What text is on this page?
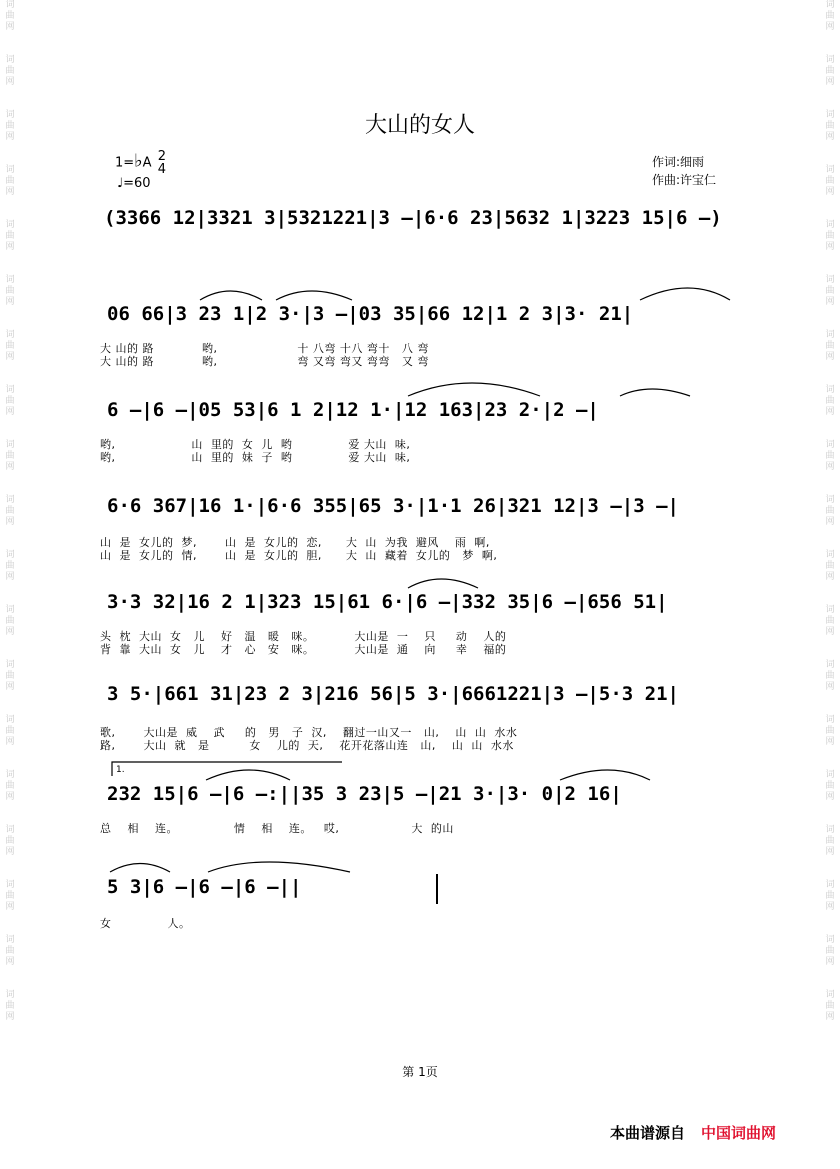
词
曲
网

词
曲
网

词
曲
网

词
曲
网

词
曲
网

词
曲
网

词
曲
网

词
曲
网

词
曲
网

词
曲
网

词
曲
网

词
曲
网

词
曲
网

词
曲
网

词
曲
网

词
曲
网

词
曲
网

词
曲
网

词
曲
网

词
曲
网

词
曲
网

词
曲
网

词
曲
网

词
曲
网

词
曲
网

词
曲
网

词
曲
网

词
曲
网

词
曲
网

词
曲
网

词
曲
网

词
曲
网

词
曲
网

词
曲
网

词
曲
网

词
曲
网

词
曲
网

词
曲
网

大山的女人
1=♭A 2
4
♩=60
作词:细雨
作曲:许宝仁
(3366 12|3321 3|5321221|3 –|6·6 23|5632 1|3223 15|6 –)
06 66|3 23 1|2 3·|3 –|03 35|66 12|1 2 3|3· 21|
6 –|6 –|05 53|6 1 2|12 1·|12 163|23 2·|2 –|
6·6 367|16 1·|6·6 355|65 3·|1·1 26|321 12|3 –|3 –|
3·3 32|16 2 1|323 15|61 6·|6 –|332 35|6 –|656 51|
3 5·|661 31|23 2 3|216 56|5 3·|6661221|3 –|5·3 21|
232 15|6 –|6 –:||35 3 23|5 –|21 3·|3· 0|2 16|
5 3|6 –|6 –|6 –||
1.
大 山的 路            哟,                    十 八弯 十八 弯十   八 弯
大 山的 路            哟,                    弯 又弯 弯又 弯弯   又 弯
哟,                   山  里的  女  儿  哟              爱 大山  味,
哟,                   山  里的  妹  子  哟              爱 大山  味,
山  是  女儿的  梦,       山  是  女儿的  恋,      大  山  为我  避风    雨  啊,
山  是  女儿的  情,       山  是  女儿的  胆,      大  山  藏着  女儿的   梦  啊,
头  枕  大山  女   儿    好   温   暖   咪。          大山是  一    只     动    人的
背  靠  大山  女   儿    才   心   安   咪。          大山是  通    向     幸    福的
歌,       大山是  威    武     的   男   子  汉,    翻过一山又一   山,    山  山  水水
路,       大山  就   是          女    儿的  天,    花开花落山连   山,    山  山  水水
总    相    连。              情    相    连。   哎,                  大  的山
女              人。
第 1页
本曲谱源自 中国词曲网
